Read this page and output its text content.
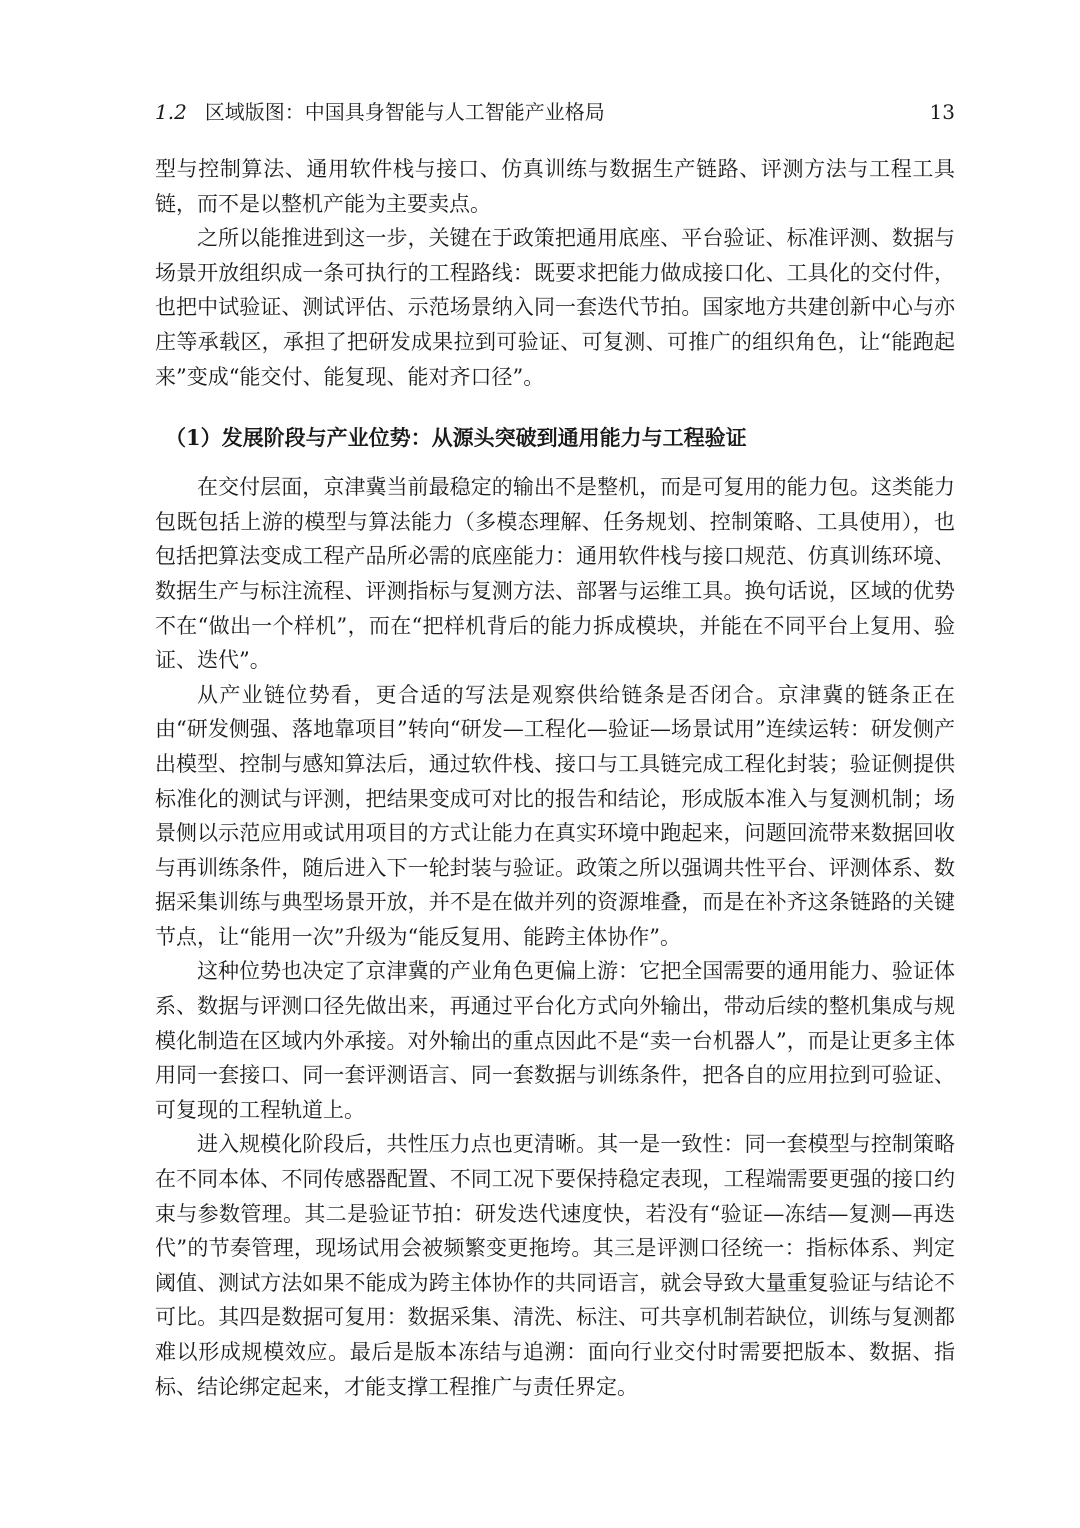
1.2 区域版图：中国具身智能与人工智能产业格局	13

型与控制算法、通用软件栈与接口、仿真训练与数据生产链路、评测方法与工程工具链，而不是以整机产能为主要卖点。

之所以能推进到这一步，关键在于政策把通用底座、平台验证、标准评测、数据与场景开放组织成一条可执行的工程路线：既要求把能力做成接口化、工具化的交付件，也把中试验证、测试评估、示范场景纳入同一套迭代节拍。国家地方共建创新中心与亦庄等承载区，承担了把研发成果拉到可验证、可复测、可推广的组织角色，让“能跑起来”变成“能交付、能复现、能对齐口径”。

（1）发展阶段与产业位势：从源头突破到通用能力与工程验证

在交付层面，京津冀当前最稳定的输出不是整机，而是可复用的能力包。这类能力包既包括上游的模型与算法能力（多模态理解、任务规划、控制策略、工具使用），也包括把算法变成工程产品所必需的底座能力：通用软件栈与接口规范、仿真训练环境、数据生产与标注流程、评测指标与复测方法、部署与运维工具。换句话说，区域的优势不在“做出一个样机”，而在“把样机背后的能力拆成模块，并能在不同平台上复用、验证、迭代”。

从产业链位势看，更合适的写法是观察供给链条是否闭合。京津冀的链条正在由“研发侧强、落地靠项目”转向“研发—工程化—验证—场景试用”连续运转：研发侧产出模型、控制与感知算法后，通过软件栈、接口与工具链完成工程化封装；验证侧提供标准化的测试与评测，把结果变成可对比的报告和结论，形成版本准入与复测机制；场景侧以示范应用或试用项目的方式让能力在真实环境中跑起来，问题回流带来数据回收与再训练条件，随后进入下一轮封装与验证。政策之所以强调共性平台、评测体系、数据采集训练与典型场景开放，并不是在做并列的资源堆叠，而是在补齐这条链路的关键节点，让“能用一次”升级为“能反复用、能跨主体协作”。

这种位势也决定了京津冀的产业角色更偏上游：它把全国需要的通用能力、验证体系、数据与评测口径先做出来，再通过平台化方式向外输出，带动后续的整机集成与规模化制造在区域内外承接。对外输出的重点因此不是“卖一台机器人”，而是让更多主体用同一套接口、同一套评测语言、同一套数据与训练条件，把各自的应用拉到可验证、可复现的工程轨道上。

进入规模化阶段后，共性压力点也更清晰。其一是一致性：同一套模型与控制策略在不同本体、不同传感器配置、不同工况下要保持稳定表现，工程端需要更强的接口约束与参数管理。其二是验证节拍：研发迭代速度快，若没有“验证—冻结—复测—再迭代”的节奏管理，现场试用会被频繁变更拖垮。其三是评测口径统一：指标体系、判定阈值、测试方法如果不能成为跨主体协作的共同语言，就会导致大量重复验证与结论不可比。其四是数据可复用：数据采集、清洗、标注、可共享机制若缺位，训练与复测都难以形成规模效应。最后是版本冻结与追溯：面向行业交付时需要把版本、数据、指标、结论绑定起来，才能支撑工程推广与责任界定。
